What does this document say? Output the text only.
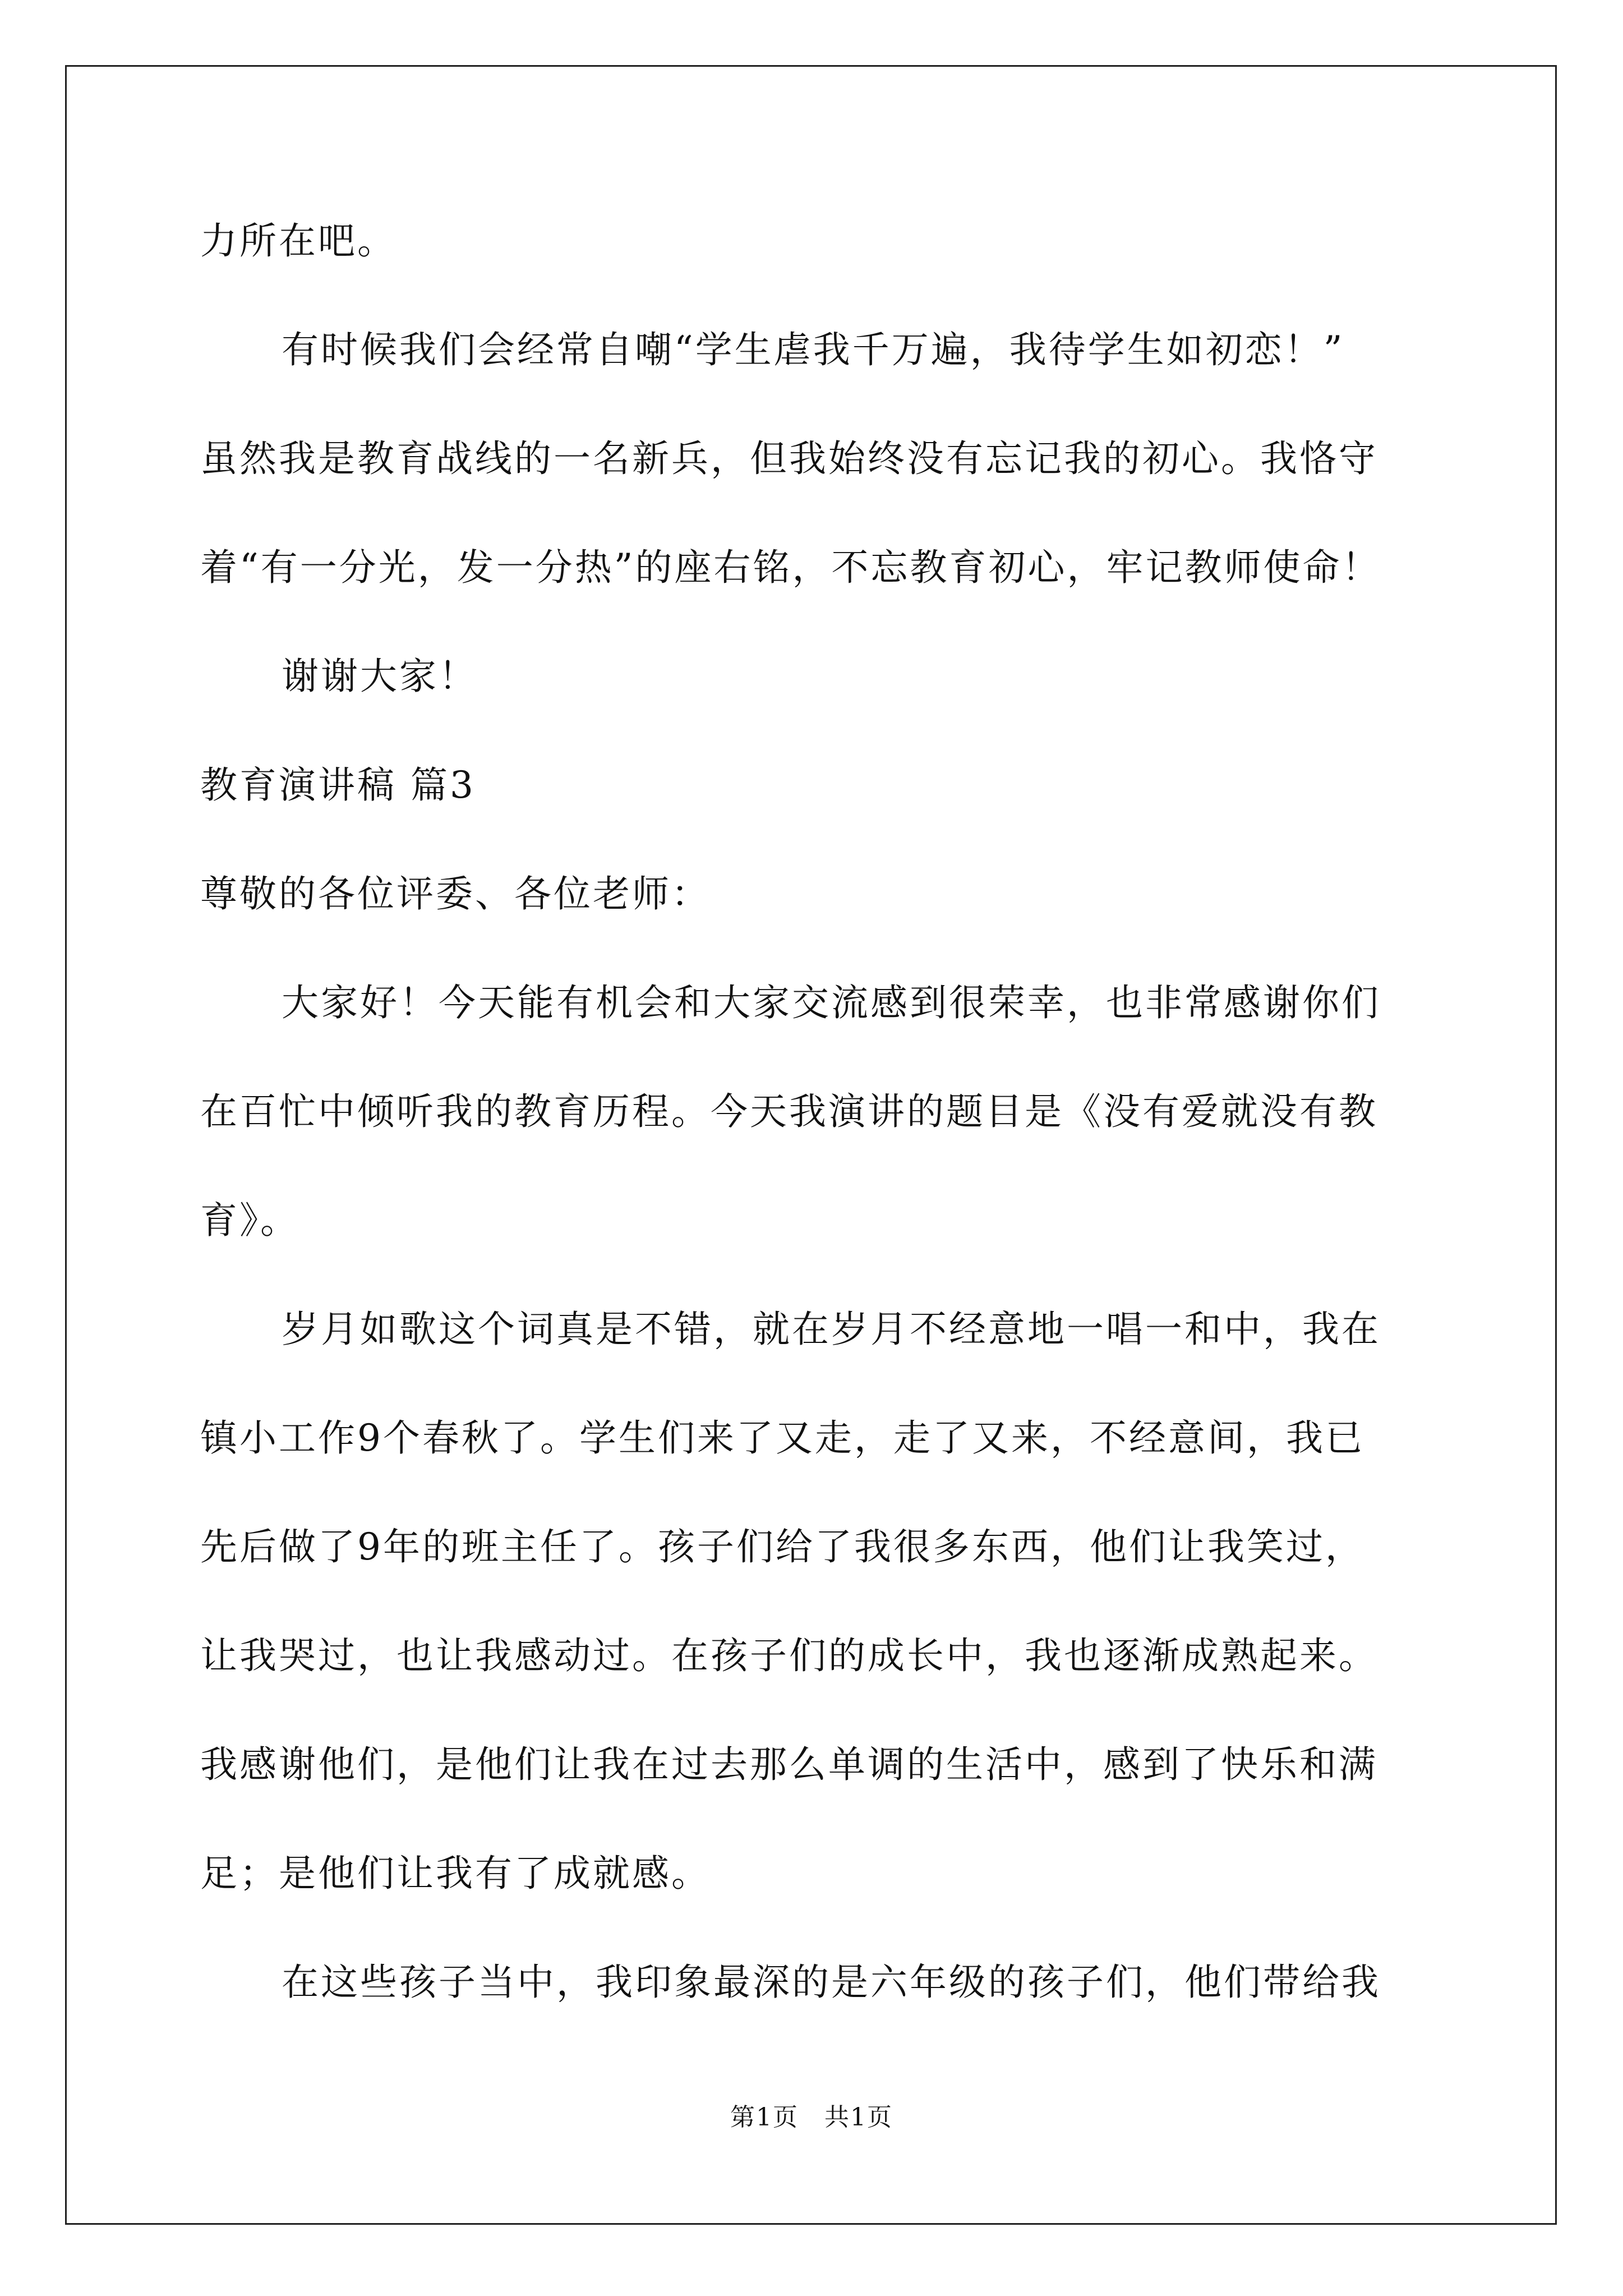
力所在吧。
有时候我们会经常自嘲“学生虐我千万遍，我待学生如初恋！”
虽然我是教育战线的一名新兵，但我始终没有忘记我的初心。我恪守
着“有一分光，发一分热”的座右铭，不忘教育初心，牢记教师使命！
谢谢大家！
教育演讲稿 篇3
尊敬的各位评委、各位老师：
大家好！今天能有机会和大家交流感到很荣幸，也非常感谢你们
在百忙中倾听我的教育历程。今天我演讲的题目是《没有爱就没有教
育》。
岁月如歌这个词真是不错，就在岁月不经意地一唱一和中，我在
镇小工作9个春秋了。学生们来了又走，走了又来，不经意间，我已
先后做了9年的班主任了。孩子们给了我很多东西，他们让我笑过，
让我哭过，也让我感动过。在孩子们的成长中，我也逐渐成熟起来。
我感谢他们，是他们让我在过去那么单调的生活中，感到了快乐和满
足；是他们让我有了成就感。
在这些孩子当中，我印象最深的是六年级的孩子们，他们带给我
第1页　共1页
